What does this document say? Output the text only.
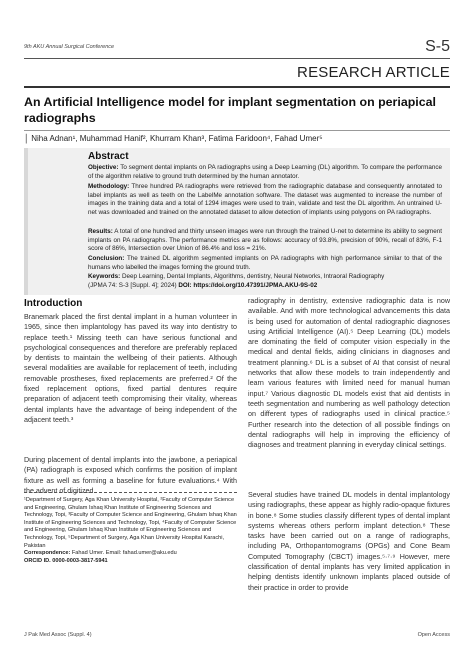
9th AKU Annual Surgical Conference	S-5
RESEARCH ARTICLE
An Artificial Intelligence model for implant segmentation on periapical radiographs
│ Niha Adnan¹, Muhammad Hanif², Khurram Khan³, Fatima Faridoon⁴, Fahad Umer⁵
Abstract
Objective: To segment dental implants on PA radiographs using a Deep Learning (DL) algorithm. To compare the performance of the algorithm relative to ground truth determined by the human annotator.
Methodology: Three hundred PA radiographs were retrieved from the radiographic database and consequently annotated to label implants as well as teeth on the LabelMe annotation software. The dataset was augmented to increase the number of images in the training data and a total of 1294 images were used to train, validate and test the DL algorithm. An untrained U-net was downloaded and trained on the annotated dataset to allow detection of implants using polygons on PA radiographs.
Results: A total of one hundred and thirty unseen images were run through the trained U-net to determine its ability to segment implants on PA radiographs. The performance metrics are as follows: accuracy of 93.8%, precision of 90%, recall of 83%, F-1 score of 86%, Intersection over Union of 86.4% and loss = 21%.
Conclusion: The trained DL algorithm segmented implants on PA radiographs with high performance similar to that of the humans who labelled the images forming the ground truth.
Keywords: Deep Learning, Dental Implants, Algorithms, dentistry, Neural Networks, Intraoral Radiography
(JPMA 74: S-3 [Suppl. 4]; 2024) DOI: https://doi.org/10.47391/JPMA.AKU-9S-02
Introduction

Branemark placed the first dental implant in a human volunteer in 1965, since then implantology has paved its way into dentistry to replace teeth.¹ Missing teeth can have serious functional and psychological consequences and therefore are preferably replaced by dentists to maintain the wellbeing of their patients. Although several modalities are available for replacement of teeth, including removable prostheses, fixed replacements are preferred.² Of the fixed replacement options, fixed partial dentures require preparation of adjacent teeth compromising their vitality, whereas dental implants have the advantage of being independent of the adjacent teeth.³

During placement of dental implants into the jawbone, a periapical (PA) radiograph is exposed which confirms the position of implant fixture as well as forming a baseline for future evaluations.⁴ With the advent of digitized

¹Department of Surgery, Aga Khan University Hospital, ²Faculty of Computer Science and Engineering, Ghulam Ishaq Khan Institute of Engineering Sciences and Technology, Topi, ³Faculty of Computer Science and Engineering, Ghulam Ishaq Khan Institute of Engineering Sciences and Technology, Topi, ⁴Faculty of Computer Science and Engineering, Ghulam Ishaq Khan Institute of Engineering Sciences and Technology, Topi, ⁵Department of Surgery, Aga Khan University Hospital Karachi, Pakistan
Correspondence: Fahad Umer. Email: fahad.umer@aku.edu
ORCID ID. 0000-0003-3817-5941

radiography in dentistry, extensive radiographic data is now available. And with more technological advancements this data is being used for automation of dental radiographic diagnoses using Artificial Intelligence (AI).⁵ Deep Learning (DL) models are dominating the field of computer vision especially in the medical and dental fields, aiding clinicians in diagnoses and treatment planning.⁶ DL is a subset of AI that consist of neural networks that allow these models to train independently and learn various features with limited need for manual human input.⁷ Various diagnostic DL models exist that aid dentists in teeth segmentation and numbering as well pathology detection on different types of radiographs used in clinical practice.⁵ Further research into the detection of all possible findings on dental radiographs will help in improving the efficiency of diagnoses and treatment planning in everyday clinical settings.

Several studies have trained DL models in dental implantology using radiographs, these appear as highly radio-opaque fixtures in bone.⁸ Some studies classify different types of dental implant systems whereas others perform implant detection.⁸ These tasks have been carried out on a range of radiographs, including PA, Orthopantomograms (OPGs) and Cone Beam Computed Tomography (CBCT) images.⁵·⁷·⁹ However, mere classification of dental implants has very limited application in helping dentists identify unknown implants placed outside of their practice in order to provide

J Pak Med Assoc (Suppl. 4)	Open Access
